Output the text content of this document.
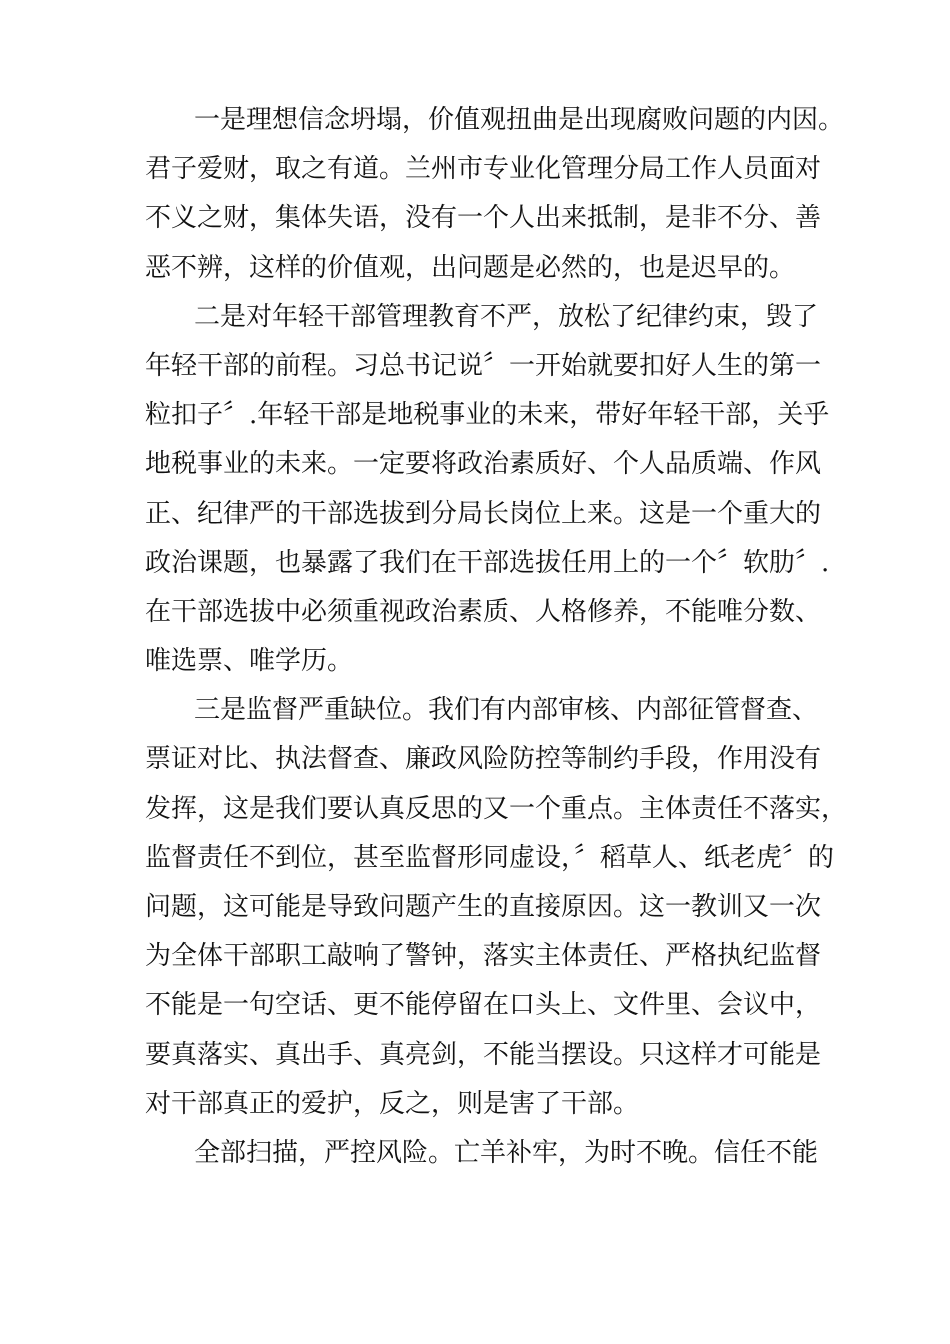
一是理想信念坍塌，价值观扭曲是出现腐败问题的内因。
君子爱财，取之有道。兰州市专业化管理分局工作人员面对
不义之财，集体失语，没有一个人出来抵制，是非不分、善
恶不辨，这样的价值观，出问题是必然的，也是迟早的。
二是对年轻干部管理教育不严，放松了纪律约束，毁了
年轻干部的前程。习总书记说〞一开始就要扣好人生的第一
粒扣子〞.年轻干部是地税事业的未来，带好年轻干部，关乎
地税事业的未来。一定要将政治素质好、个人品质端、作风
正、纪律严的干部选拔到分局长岗位上来。这是一个重大的
政治课题，也暴露了我们在干部选拔任用上的一个〞软肋〞.
在干部选拔中必须重视政治素质、人格修养，不能唯分数、
唯选票、唯学历。
三是监督严重缺位。我们有内部审核、内部征管督查、
票证对比、执法督查、廉政风险防控等制约手段，作用没有
发挥，这是我们要认真反思的又一个重点。主体责任不落实，
监督责任不到位，甚至监督形同虚设，〞稻草人、纸老虎〞的
问题，这可能是导致问题产生的直接原因。这一教训又一次
为全体干部职工敲响了警钟，落实主体责任、严格执纪监督
不能是一句空话、更不能停留在口头上、文件里、会议中，
要真落实、真出手、真亮剑，不能当摆设。只这样才可能是
对干部真正的爱护，反之，则是害了干部。
全部扫描，严控风险。亡羊补牢，为时不晚。信任不能
